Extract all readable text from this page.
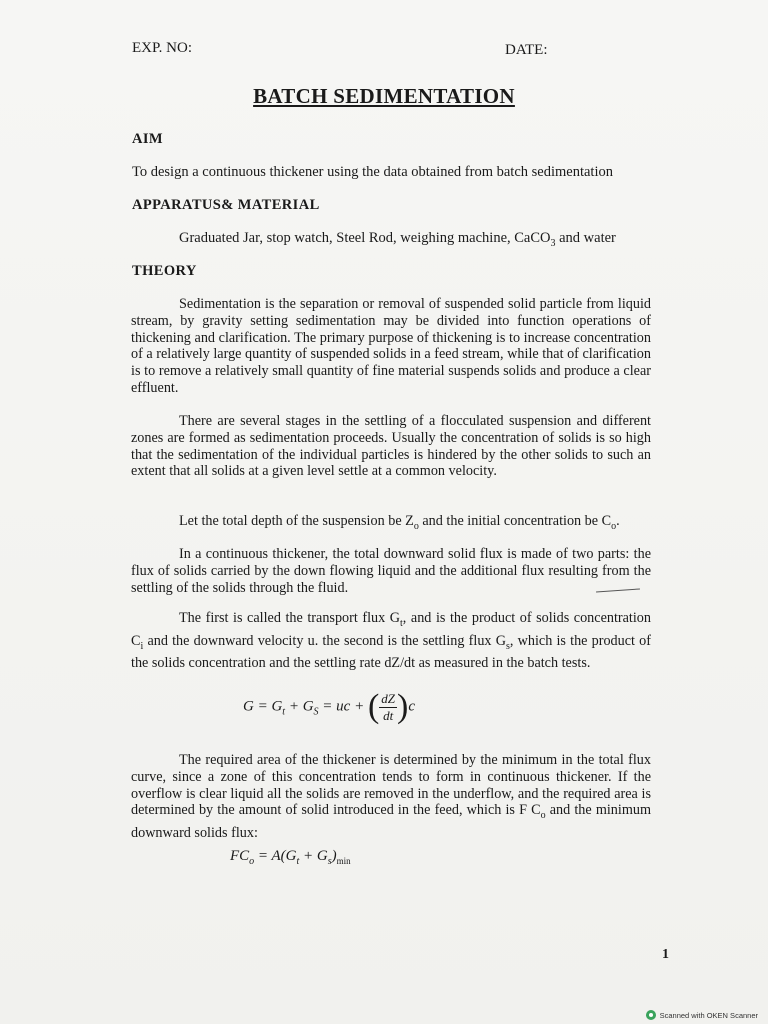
EXP. NO:	DATE:
BATCH SEDIMENTATION
AIM
To design a continuous thickener using the data obtained from batch sedimentation
APPARATUS& MATERIAL
Graduated Jar, stop watch, Steel Rod, weighing machine, CaCO$_3$ and water
THEORY
Sedimentation is the separation or removal of suspended solid particle from liquid stream, by gravity setting sedimentation may be divided into function operations of thickening and clarification. The primary purpose of thickening is to increase concentration of a relatively large quantity of suspended solids in a feed stream, while that of clarification is to remove a relatively small quantity of fine material suspends solids and produce a clear effluent.
There are several stages in the settling of a flocculated suspension and different zones are formed as sedimentation proceeds. Usually the concentration of solids is so high that the sedimentation of the individual particles is hindered by the other solids to such an extent that all solids at a given level settle at a common velocity.
Let the total depth of the suspension be $Z_o$ and the initial concentration be $C_o$.
In a continuous thickener, the total downward solid flux is made of two parts: the flux of solids carried by the down flowing liquid and the additional flux resulting from the settling of the solids through the fluid.
The first is called the transport flux $G_t$, and is the product of solids concentration $C_i$ and the downward velocity u. the second is the settling flux $G_s$, which is the product of the solids concentration and the settling rate dZ/dt as measured in the batch tests.
$G = G_t + G_S$ = uc + ( $\frac{dZ}{dt} )c$
The required area of the thickener is determined by the minimum in the total flux curve, since a zone of this concentration tends to form in continuous thickener. If the overflow is clear liquid all the solids are removed in the underflow, and the required area is determined by the amount of solid introduced in the feed, which is F $C_o$ and the minimum downward solids flux:
$FC_o = A(G_t + G_s)_{min}$
1
Scanned with OKEN Scanner
